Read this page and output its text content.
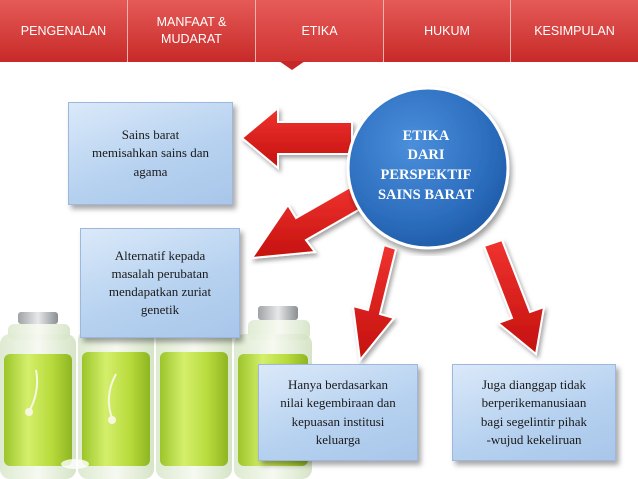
PENGENALAN
MANFAAT &
MUDARAT
ETIKA	HUKUM	KESIMPULAN
ETIKA
DARI
PERSPEKTIF
SAINS BARAT
Sains barat
memisahkan sains dan
agama
Alternatif kepada
masalah perubatan
mendapatkan zuriat
genetik
Hanya berdasarkan
nilai kegembiraan dan
kepuasan institusi
keluarga
Juga dianggap tidak
berperikemanusiaan
bagi segelintir pihak
-wujud kekeliruan
